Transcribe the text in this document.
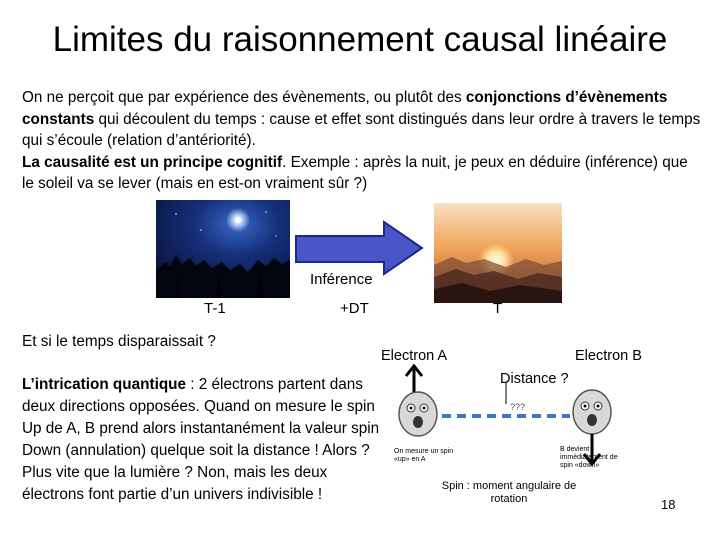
Limites du raisonnement causal linéaire

On ne perçoit que par expérience des évènements, ou plutôt des conjonctions d’évènements constants qui découlent du temps : cause et effet sont distingués dans leur ordre à travers le temps qui s’écoule (relation d’antériorité).

La causalité est un principe cognitif. Exemple : après la nuit, je peux en déduire (inférence) que le soleil va se lever (mais en est-on vraiment sûr ?)

Inférence
T-1	+DT	T
Et si le temps disparaissait ?

L’intrication quantique : 2 électrons partent dans deux directions opposées. Quand on mesure le spin Up de A, B prend alors instantanément la valeur spin Down (annulation) quelque soit la distance ! Alors ? Plus vite que la lumière ? Non, mais les deux électrons font partie d’un univers indivisible !

Electron A	Electron B
Distance ?
???
On mesure un spin «up» en A
B devient immédiatement de spin «down»
Spin : moment angulaire de rotation	18
